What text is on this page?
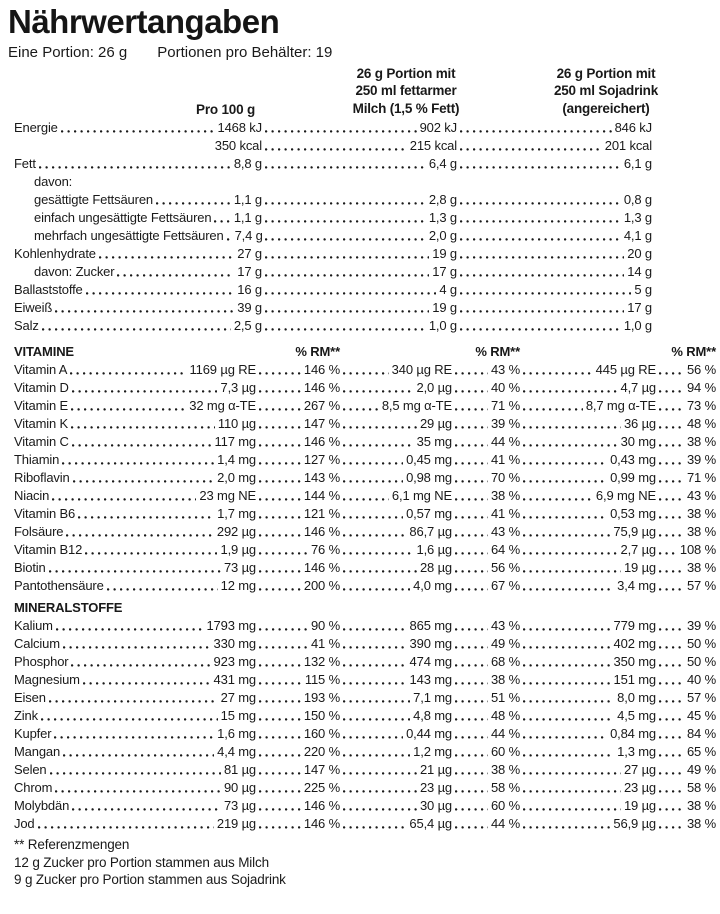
Nährwertangaben
Eine Portion: 26 g Portionen pro Behälter: 19
Pro 100 g
26 g Portion mit
250 ml fettarmer
Milch (1,5 % Fett)
26 g Portion mit
250 ml Sojadrink
(angereichert)
Energie	1468 kJ	902 kJ	846 kJ
350 kcal	215 kcal	201 kcal
Fett	8,8 g	6,4 g	6,1 g
davon:
gesättigte Fettsäuren	1,1 g	2,8 g	0,8 g
einfach ungesättigte Fettsäuren 1,1 g	1,3 g	1,3 g
mehrfach ungesättigte Fettsäuren 7,4 g	2,0 g	4,1 g
Kohlenhydrate	27 g	19 g	20 g
davon: Zucker	17 g	17 g	14 g
Ballaststoffe	16 g	4 g	5 g
Eiweiß	39 g	19 g	17 g
Salz	2,5 g	1,0 g	1,0 g
VITAMINE	% RM**	% RM**	% RM**
Vitamin A	1169 µg RE	146 %	340 µg RE	43 %	445 µg RE 56 %
Vitamin D	7,3 µg	146 %	2,0 µg	40 %	4,7 µg 94 %
Vitamin E	32 mg α-TE	267 %	8,5 mg α-TE	71 %	8,7 mg α-TE 73 %
Vitamin K	110 µg	147 %	29 µg	39 %	36 µg 48 %
Vitamin C	117 mg	146 %	35 mg	44 %	30 mg 38 %
Thiamin	1,4 mg	127 %	0,45 mg	41 %	0,43 mg 39 %
Riboflavin	2,0 mg	143 %	0,98 mg	70 %	0,99 mg 71 %
Niacin	23 mg NE	144 %	6,1 mg NE	38 %	6,9 mg NE 43 %
Vitamin B6	1,7 mg	121 %	0,57 mg	41 %	0,53 mg 38 %
Folsäure	292 µg	146 %	86,7 µg	43 %	75,9 µg 38 %
Vitamin B12	1,9 µg	76 %	1,6 µg	64 %	2,7 µg 108 %
Biotin	73 µg	146 %	28 µg	56 %	19 µg 38 %
Pantothensäure	12 mg	200 %	4,0 mg	67 %	3,4 mg 57 %
MINERALSTOFFE
Kalium	1793 mg	90 %	865 mg	43 %	779 mg 39 %
Calcium	330 mg	41 %	390 mg	49 %	402 mg 50 %
Phosphor	923 mg	132 %	474 mg	68 %	350 mg 50 %
Magnesium	431 mg	115 %	143 mg	38 %	151 mg 40 %
Eisen	27 mg	193 %	7,1 mg	51 %	8,0 mg 57 %
Zink	15 mg	150 %	4,8 mg	48 %	4,5 mg 45 %
Kupfer	1,6 mg	160 %	0,44 mg	44 %	0,84 mg 84 %
Mangan	4,4 mg	220 %	1,2 mg	60 %	1,3 mg 65 %
Selen	81 µg	147 %	21 µg	38 %	27 µg 49 %
Chrom	90 µg	225 %	23 µg	58 %	23 µg 58 %
Molybdän	73 µg	146 %	30 µg	60 %	19 µg 38 %
Jod	219 µg	146 %	65,4 µg	44 %	56,9 µg 38 %
** Referenzmengen
12 g Zucker pro Portion stammen aus Milch
9 g Zucker pro Portion stammen aus Sojadrink
